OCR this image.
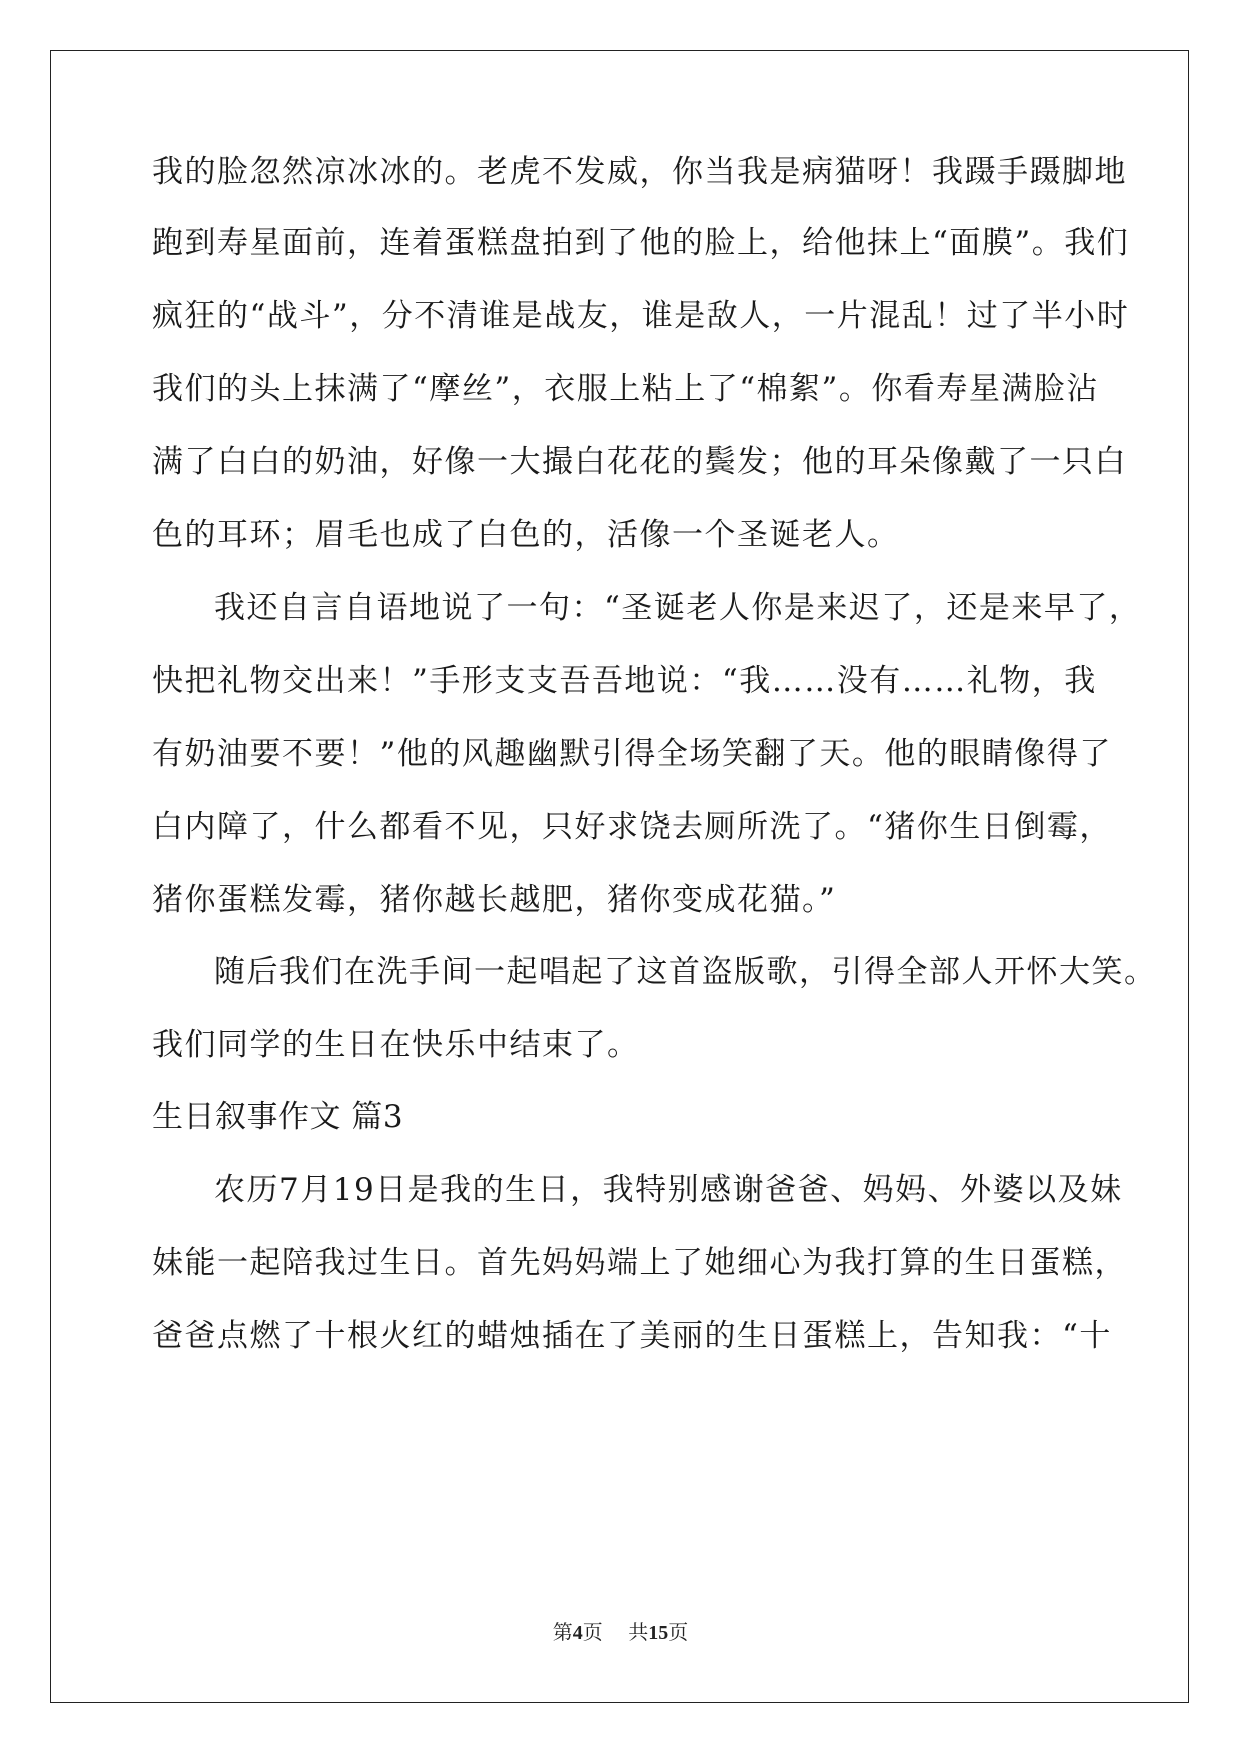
我的脸忽然凉冰冰的。老虎不发威，你当我是病猫呀！我蹑手蹑脚地
跑到寿星面前，连着蛋糕盘拍到了他的脸上，给他抹上“面膜”。我们
疯狂的“战斗”，分不清谁是战友，谁是敌人，一片混乱！过了半小时
我们的头上抹满了“摩丝”，衣服上粘上了“棉絮”。你看寿星满脸沾
满了白白的奶油，好像一大撮白花花的鬓发；他的耳朵像戴了一只白
色的耳环；眉毛也成了白色的，活像一个圣诞老人。
我还自言自语地说了一句：“圣诞老人你是来迟了，还是来早了，
快把礼物交出来！”手形支支吾吾地说：“我……没有……礼物，我
有奶油要不要！”他的风趣幽默引得全场笑翻了天。他的眼睛像得了
白内障了，什么都看不见，只好求饶去厕所洗了。“猪你生日倒霉，
猪你蛋糕发霉，猪你越长越肥，猪你变成花猫。”
随后我们在洗手间一起唱起了这首盗版歌，引得全部人开怀大笑。
我们同学的生日在快乐中结束了。
生日叙事作文 篇3
农历7月19日是我的生日，我特别感谢爸爸、妈妈、外婆以及妹
妹能一起陪我过生日。首先妈妈端上了她细心为我打算的生日蛋糕，
爸爸点燃了十根火红的蜡烛插在了美丽的生日蛋糕上，告知我：“十
第4页 共15页
